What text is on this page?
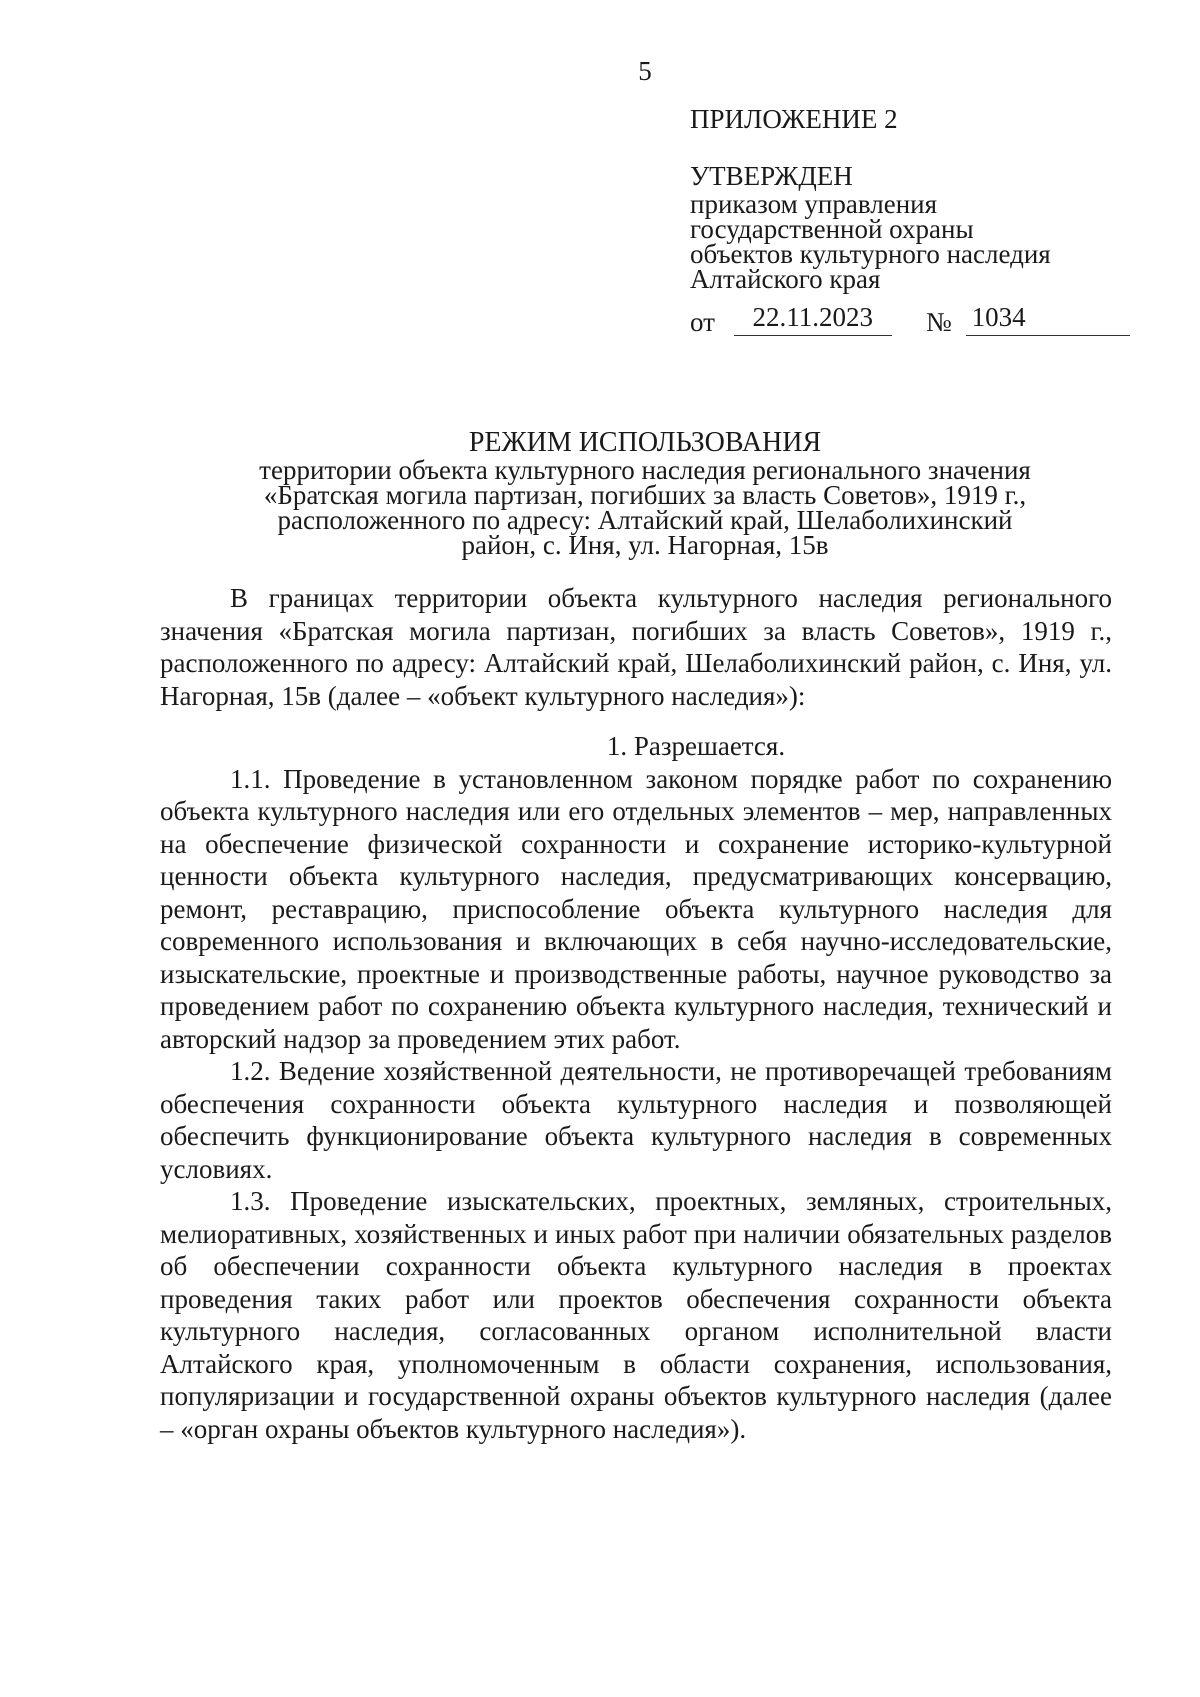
5
ПРИЛОЖЕНИЕ 2
УТВЕРЖДЕН
приказом управления
государственной охраны
объектов культурного наследия
Алтайского края
от	22.11.2023	№ 1034
РЕЖИМ ИСПОЛЬЗОВАНИЯ
территории объекта культурного наследия регионального значения
«Братская могила партизан, погибших за власть Советов», 1919 г.,
расположенного по адресу: Алтайский край, Шелаболихинский
район, с. Иня, ул. Нагорная, 15в

В границах территории объекта культурного наследия регионального значения «Братская могила партизан, погибших за власть Советов», 1919 г., расположенного по адресу: Алтайский край, Шелаболихинский район, с. Иня, ул. Нагорная, 15в (далее – «объект культурного наследия»):

1. Разрешается.

1.1. Проведение в установленном законом порядке работ по сохранению объекта культурного наследия или его отдельных элементов – мер, направленных на обеспечение физической сохранности и сохранение историко-культурной ценности объекта культурного наследия, предусматривающих консервацию, ремонт, реставрацию, приспособление объекта культурного наследия для современного использования и включающих в себя научно-исследовательские, изыскательские, проектные и производственные работы, научное руководство за проведением работ по сохранению объекта культурного наследия, технический и авторский надзор за проведением этих работ.

1.2. Ведение хозяйственной деятельности, не противоречащей требованиям обеспечения сохранности объекта культурного наследия и позволяющей обеспечить функционирование объекта культурного наследия в современных условиях.

1.3. Проведение изыскательских, проектных, земляных, строительных, мелиоративных, хозяйственных и иных работ при наличии обязательных разделов об обеспечении сохранности объекта культурного наследия в проектах проведения таких работ или проектов обеспечения сохранности объекта культурного наследия, согласованных органом исполнительной власти Алтайского края, уполномоченным в области сохранения, использования, популяризации и государственной охраны объектов культурного наследия (далее – «орган охраны объектов культурного наследия»).
